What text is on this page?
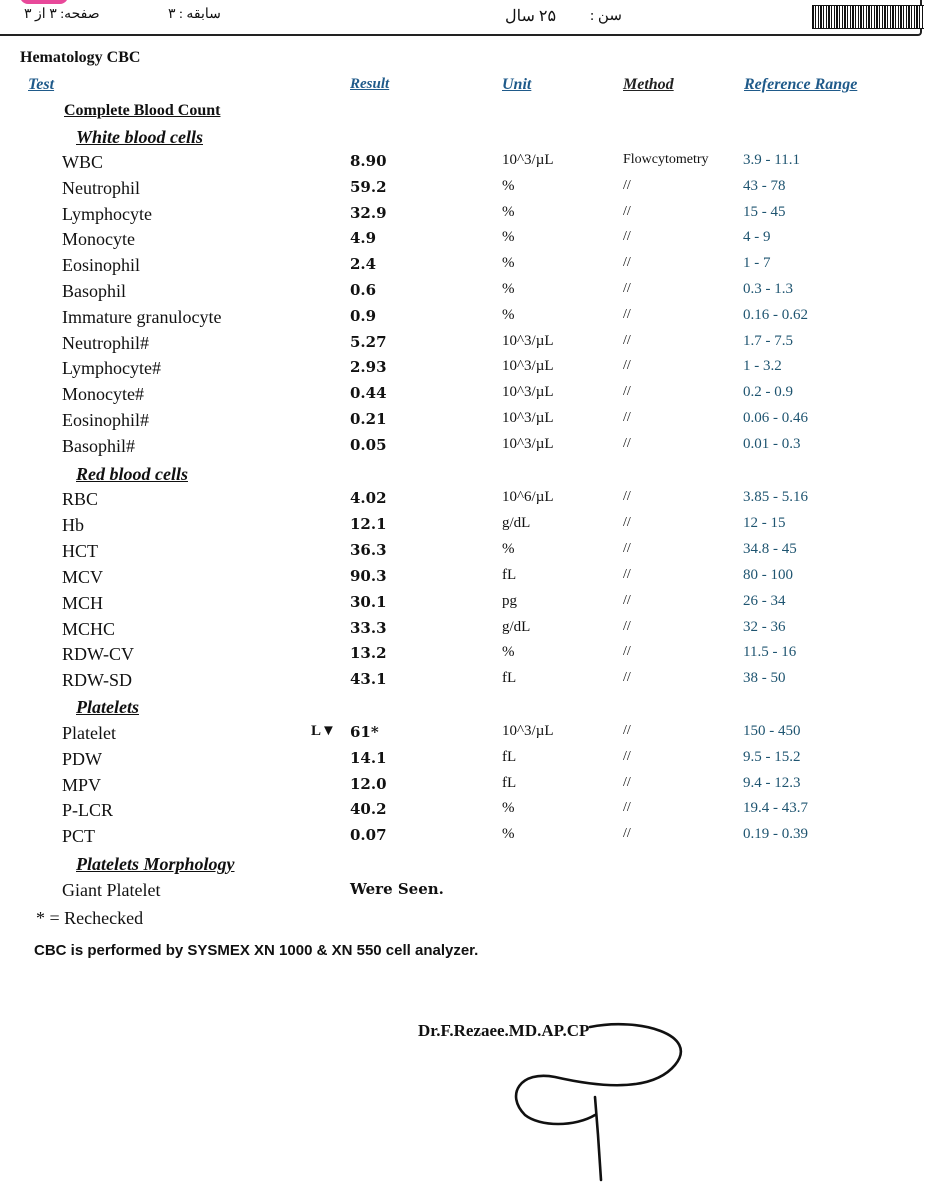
صفحه: ۳ از ۳	سابقه : ۳	۲۵ سال سن :
Hematology CBC
Test	Result	Unit	Method	Reference Range
Complete Blood Count
White blood cells
WBC	8.90	10^3/µL	Flowcytometry 3.9 - 11.1
Neutrophil	59.2	%	//	43 - 78
Lymphocyte	32.9	%	//	15 - 45
Monocyte	4.9	%	//	4 - 9
Eosinophil	2.4	%	//	1 - 7
Basophil	0.6	%	//	0.3 - 1.3
Immature granulocyte	0.9	%	//	0.16 - 0.62
Neutrophil#	5.27	10^3/µL	//	1.7 - 7.5
Lymphocyte#	2.93	10^3/µL	//	1 - 3.2
Monocyte#	0.44	10^3/µL	//	0.2 - 0.9
Eosinophil#	0.21	10^3/µL	//	0.06 - 0.46
Basophil#	0.05	10^3/µL	//	0.01 - 0.3
Red blood cells
RBC	4.02	10^6/µL	//	3.85 - 5.16
Hb	12.1	g/dL	//	12 - 15
HCT	36.3	%	//	34.8 - 45
MCV	90.3	fL	//	80 - 100
MCH	30.1	pg	//	26 - 34
MCHC	33.3	g/dL	//	32 - 36
RDW-CV	13.2	%	//	11.5 - 16
RDW-SD	43.1	fL	//	38 - 50
Platelets
Platelet	L▼ 61*	10^3/µL	//	150 - 450
PDW	14.1	fL	//	9.5 - 15.2
MPV	12.0	fL	//	9.4 - 12.3
P-LCR	40.2	%	//	19.4 - 43.7
PCT	0.07	%	//	0.19 - 0.39
Platelets Morphology
Giant Platelet	Were Seen.
* = Rechecked
CBC is performed by SYSMEX XN 1000 & XN 550 cell analyzer.
Dr.F.Rezaee.MD.AP.CP
